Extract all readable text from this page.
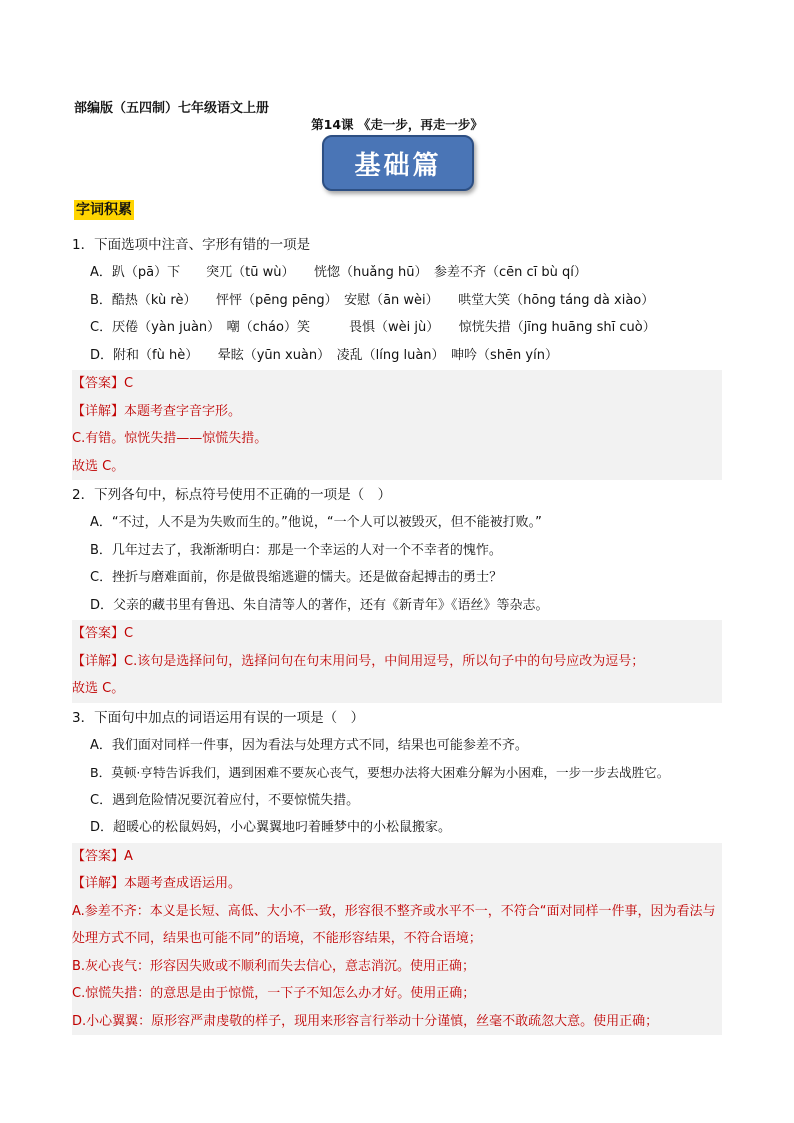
部编版（五四制）七年级语文上册
第14课 《走一步，再走一步》
基础篇
字词积累
1．下面选项中注音、字形有错的一项是
A．趴（pā）下　　突兀（tū wù）　　恍惚（huǎng hū）　参差不齐（cēn cī bù qí）
B．酷热（kù rè）　　怦怦（pēng pēng）　安慰（ān wèi）　　哄堂大笑（hōng táng dà xiào）
C．厌倦（yàn juàn）　嘲（cháo）笑　　　畏惧（wèi jù）　　惊恍失措（jīng huāng shī cuò）
D．附和（fù hè）　　晕眩（yūn xuàn）　凌乱（líng luàn）　呻吟（shēn yín）
【答案】C
【详解】本题考查字音字形。
C.有错。惊恍失措——惊慌失措。
故选 C。
2．下列各句中，标点符号使用不正确的一项是（　）
A．“不过，人不是为失败而生的。”他说，“一个人可以被毁灭，但不能被打败。”
B．几年过去了，我渐渐明白：那是一个幸运的人对一个不幸者的愧怍。
C．挫折与磨难面前，你是做畏缩逃避的懦夫。还是做奋起搏击的勇士？
D．父亲的藏书里有鲁迅、朱自清等人的著作，还有《新青年》《语丝》等杂志。
【答案】C
【详解】C.该句是选择问句，选择问句在句末用问号，中间用逗号，所以句子中的句号应改为逗号；
故选 C。
3．下面句中加点的词语运用有误的一项是（　）
A．我们面对同样一件事，因为看法与处理方式不同，结果也可能参差不齐。
B．莫顿·亨特告诉我们，遇到困难不要灰心丧气，要想办法将大困难分解为小困难，一步一步去战胜它。
C．遇到危险情况要沉着应付，不要惊慌失措。
D．超暖心的松鼠妈妈，小心翼翼地叼着睡梦中的小松鼠搬家。
【答案】A
【详解】本题考查成语运用。
A.参差不齐：本义是长短、高低、大小不一致，形容很不整齐或水平不一，不符合“面对同样一件事，因为看法与处理方式不同，结果也可能不同”的语境，不能形容结果，不符合语境；
B.灰心丧气：形容因失败或不顺利而失去信心，意志消沉。使用正确；
C.惊慌失措：的意思是由于惊慌，一下子不知怎么办才好。使用正确；
D.小心翼翼：原形容严肃虔敬的样子，现用来形容言行举动十分谨慎，丝毫不敢疏忽大意。使用正确；
